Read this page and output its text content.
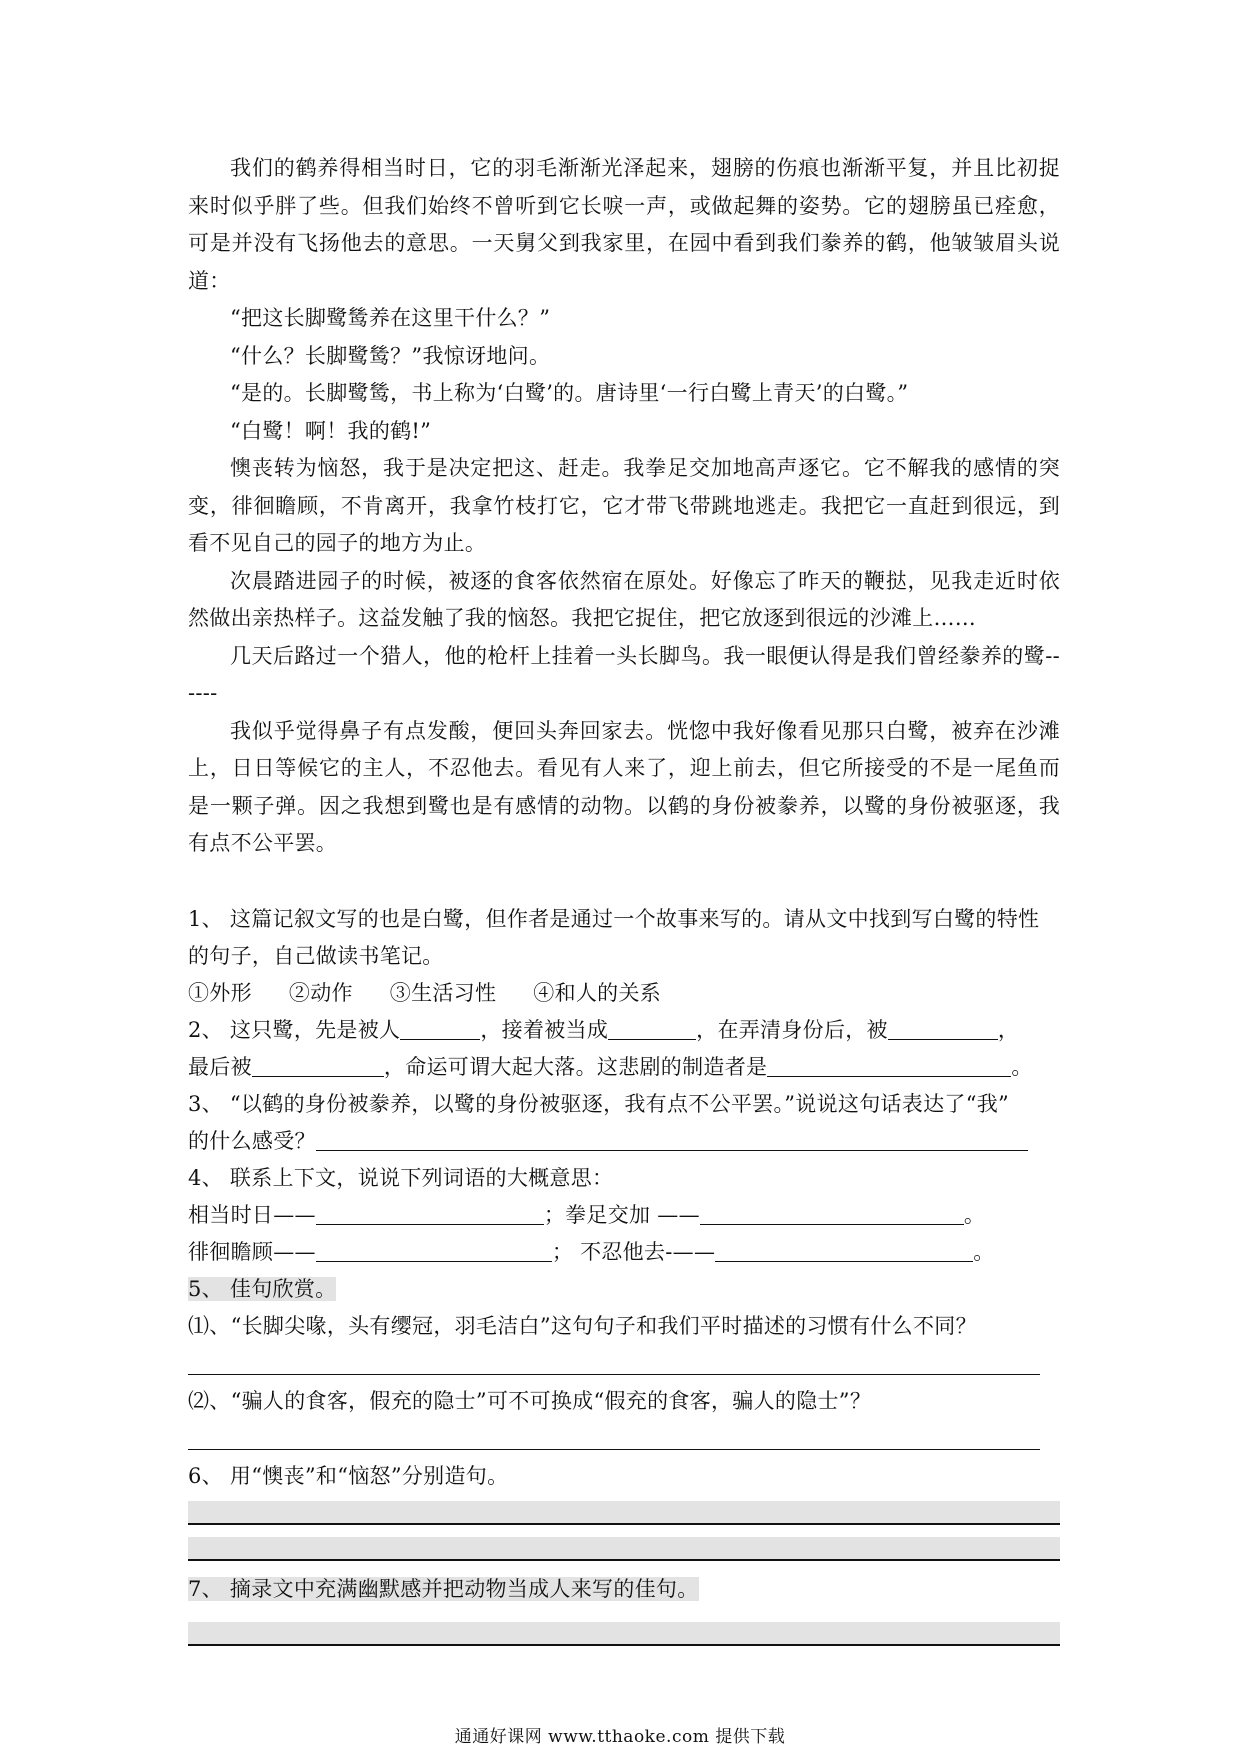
我们的鹤养得相当时日，它的羽毛渐渐光泽起来，翅膀的伤痕也渐渐平复，并且比初捉来时似乎胖了些。但我们始终不曾听到它长唳一声，或做起舞的姿势。它的翅膀虽已痊愈，可是并没有飞扬他去的意思。一天舅父到我家里，在园中看到我们豢养的鹤，他皱皱眉头说道：

“把这长脚鹭鸶养在这里干什么？”

“什么？长脚鹭鸶？”我惊讶地问。

“是的。长脚鹭鸶，书上称为‘白鹭’的。唐诗里‘一行白鹭上青天’的白鹭。”

“白鹭！啊！我的鹤!”

懊丧转为恼怒，我于是决定把这、赶走。我拳足交加地高声逐它。它不解我的感情的突变，徘徊瞻顾，不肯离开，我拿竹枝打它，它才带飞带跳地逃走。我把它一直赶到很远，到看不见自己的园子的地方为止。

次晨踏进园子的时候，被逐的食客依然宿在原处。好像忘了昨天的鞭挞，见我走近时依然做出亲热样子。这益发触了我的恼怒。我把它捉住，把它放逐到很远的沙滩上……

几天后路过一个猎人，他的枪杆上挂着一头长脚鸟。我一眼便认得是我们曾经豢养的鹭------

我似乎觉得鼻子有点发酸，便回头奔回家去。恍惚中我好像看见那只白鹭，被弃在沙滩上，日日等候它的主人，不忍他去。看见有人来了，迎上前去，但它所接受的不是一尾鱼而是一颗子弹。因之我想到鹭也是有感情的动物。以鹤的身份被豢养，以鹭的身份被驱逐，我有点不公平罢。

1、 这篇记叙文写的也是白鹭，但作者是通过一个故事来写的。请从文中找到写白鹭的特性的句子，自己做读书笔记。

①外形 ②动作 ③生活习性 ④和人的关系

2、 这只鹭，先是被人	，接着被当成	，在弄清身份后，被	，

最后被	，命运可谓大起大落。这悲剧的制造者是	。

3、 “以鹤的身份被豢养，以鹭的身份被驱逐，我有点不公平罢。”说说这句话表达了“我”

的什么感受？

4、 联系上下文，说说下列词语的大概意思：

相当时日——	；拳足交加 ——	。

徘徊瞻顾——	； 不忍他去-——	。

5、 佳句欣赏。

⑴、“长脚尖喙，头有缨冠，羽毛洁白”这句句子和我们平时描述的习惯有什么不同？

⑵、“骗人的食客，假充的隐士”可不可换成“假充的食客，骗人的隐士”？

6、 用“懊丧”和“恼怒”分别造句。

7、 摘录文中充满幽默感并把动物当成人来写的佳句。

通通好课网 www.tthaoke.com 提供下载
